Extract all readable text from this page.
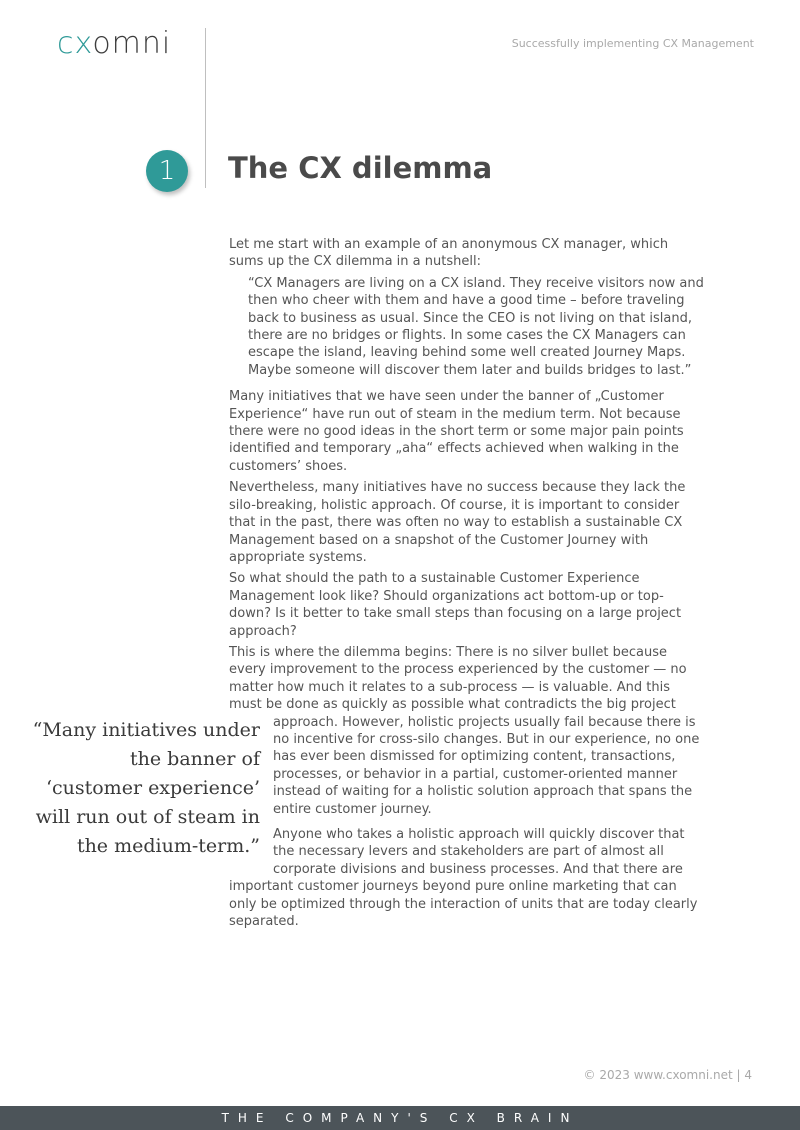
cxomni	Successfully implementing CX Management
1	The CX dilemma

Let me start with an example of an anonymous CX manager, which sums up the CX dilemma in a nutshell:

“CX Managers are living on a CX island. They receive visitors now and then who cheer with them and have a good time – before traveling back to business as usual. Since the CEO is not living on that island, there are no bridges or flights. In some cases the CX Managers can escape the island, leaving behind some well created Journey Maps. Maybe someone will discover them later and builds bridges to last.”

Many initiatives that we have seen under the banner of „Customer Experience“ have run out of steam in the medium term. Not because there were no good ideas in the short term or some major pain points identified and temporary „aha“ effects achieved when walking in the customers’ shoes.

Nevertheless, many initiatives have no success because they lack the silo-breaking, holistic approach. Of course, it is important to consider that in the past, there was often no way to establish a sustainable CX Management based on a snapshot of the Customer Journey with appropriate systems.

So what should the path to a sustainable Customer Experience Management look like? Should organizations act bottom-up or top-down? Is it better to take small steps than focusing on a large project approach?

This is where the dilemma begins: There is no silver bullet because every improvement to the process experienced by the customer — no matter how much it relates to a sub-process — is valuable. And this must be done as quickly as possible what contradicts the big project

approach. However, holistic projects usually fail because there is no incentive for cross-silo changes. But in our experience, no one has ever been dismissed for optimizing content, transactions, processes, or behavior in a partial, customer-oriented manner instead of waiting for a holistic solution approach that spans the entire customer journey.

Anyone who takes a holistic approach will quickly discover that the necessary levers and stakeholders are part of almost all corporate divisions and business processes. And that there are

important customer journeys beyond pure online marketing that can only be optimized through the interaction of units that are today clearly separated.

“Many initiatives under the banner of ‘customer experience’ will run out of steam in the medium-term.”
© 2023 www.cxomni.net | 4
THE COMPANY'S CX BRAIN
